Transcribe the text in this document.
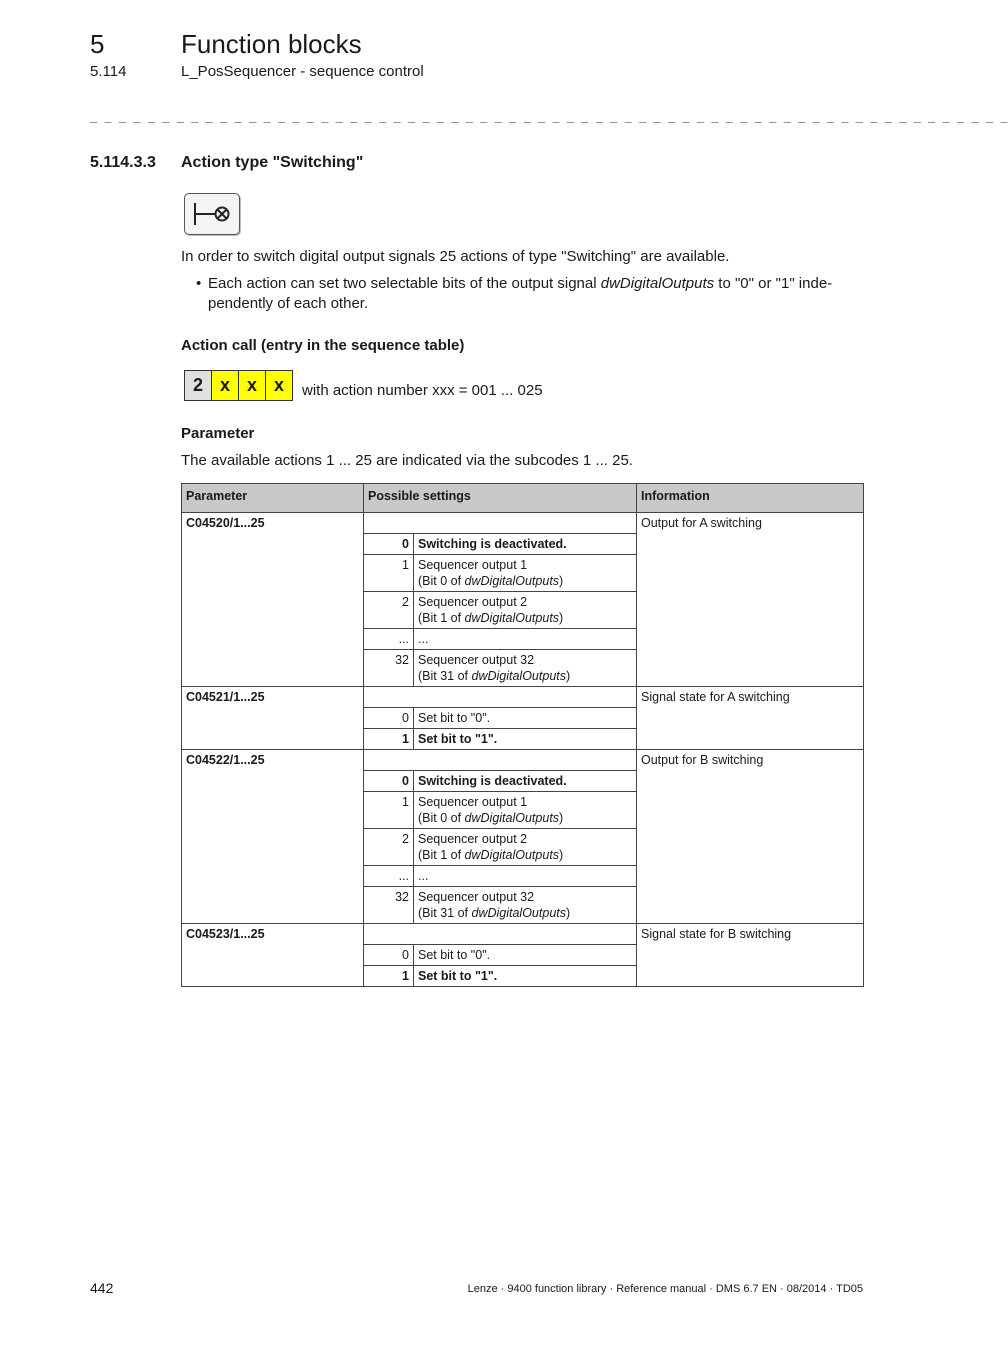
5	Function blocks
5.114	L_PosSequencer - sequence control
_ _ _ _ _ _ _ _ _ _ _ _ _ _ _ _ _ _ _ _ _ _ _ _ _ _ _ _ _ _ _ _ _ _ _ _ _ _ _ _ _ _ _ _ _ _ _ _ _ _ _ _ _ _ _ _ _ _ _ _ _ _ _ _
5.114.3.3 Action type "Switching"
In order to switch digital output signals 25 actions of type "Switching" are available.
• Each action can set two selectable bits of the output signal dwDigitalOutputs to "0" or "1" inde-
pendently of each other.
Action call (entry in the sequence table)
2 x x x	with action number xxx = 001 ... 025
Parameter
The available actions 1 ... 25 are indicated via the subcodes 1 ... 25.
Parameter	Possible settings		Information
C04520/1...25			Output for A switching
	0	Switching is deactivated.	
	1	Sequencer output 1
(Bit 0 of dwDigitalOutputs)	
	2	Sequencer output 2
(Bit 1 of dwDigitalOutputs)	
	...	...	
	32	Sequencer output 32
(Bit 31 of dwDigitalOutputs)	
C04521/1...25			Signal state for A switching
	0	Set bit to "0".	
	1	Set bit to "1".	
C04522/1...25			Output for B switching
	0	Switching is deactivated.	
	1	Sequencer output 1
(Bit 0 of dwDigitalOutputs)	
	2	Sequencer output 2
(Bit 1 of dwDigitalOutputs)	
	...	...	
	32	Sequencer output 32
(Bit 31 of dwDigitalOutputs)	
C04523/1...25			Signal state for B switching
	0	Set bit to "0".	
	1	Set bit to "1".	
442	Lenze · 9400 function library · Reference manual · DMS 6.7 EN · 08/2014 · TD05
